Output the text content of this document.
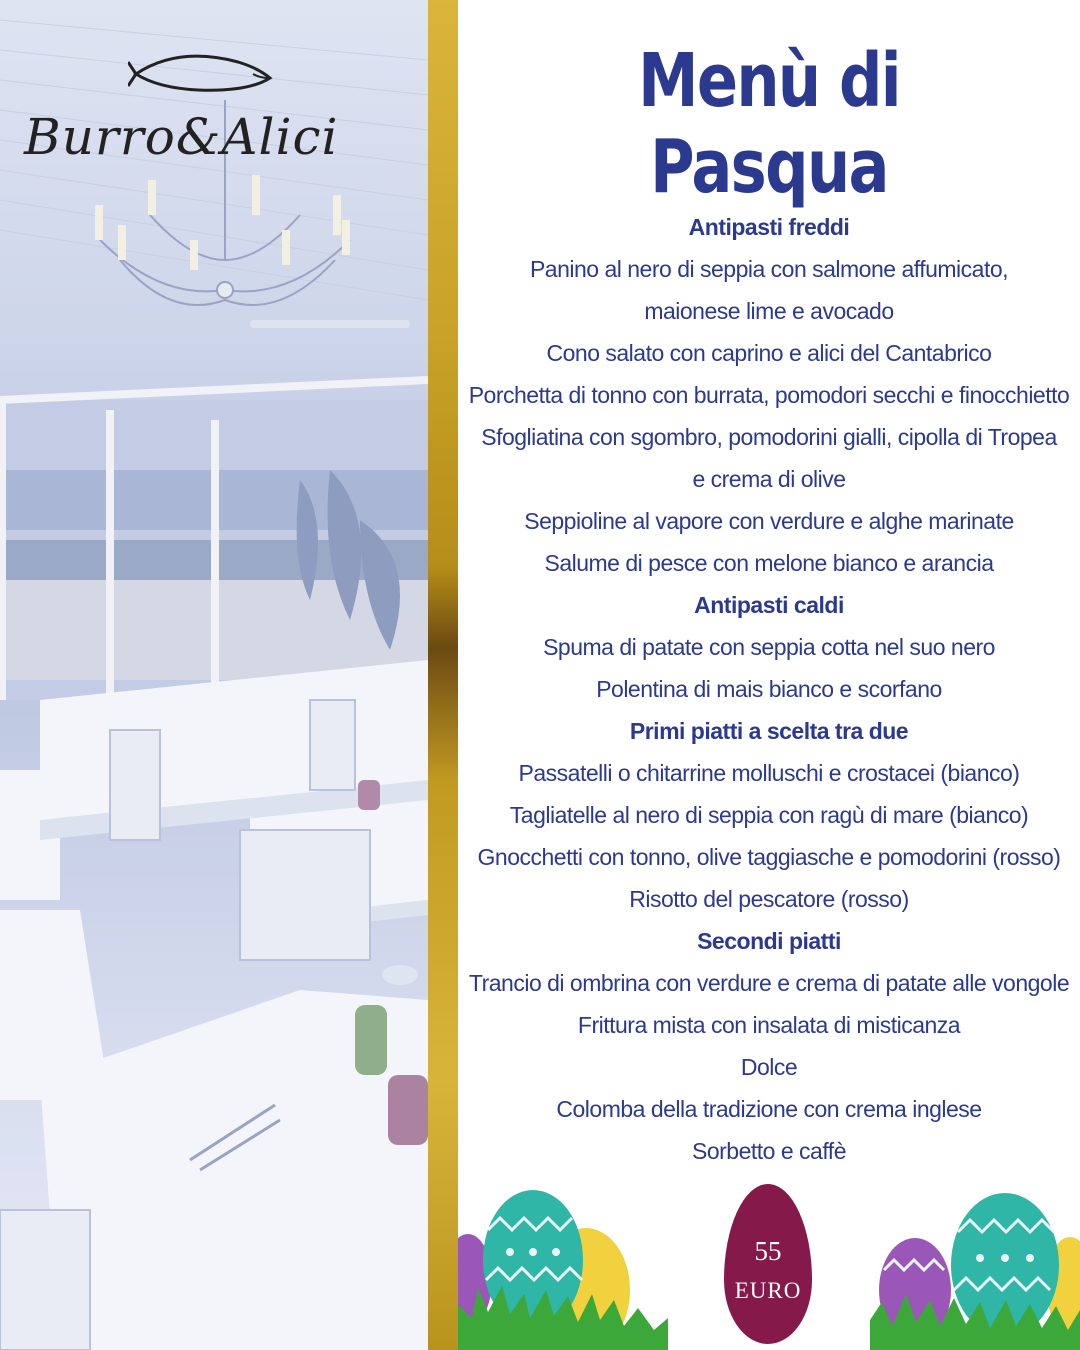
Burro&Alici
Menù di Pasqua
Antipasti freddi
Panino al nero di seppia con salmone affumicato,
maionese lime e avocado
Cono salato con caprino e alici del Cantabrico
Porchetta di tonno con burrata, pomodori secchi e finocchietto
Sfogliatina con sgombro, pomodorini gialli, cipolla di Tropea
e crema di olive
Seppioline al vapore con verdure e alghe marinate
Salume di pesce con melone bianco e arancia
Antipasti caldi
Spuma di patate con seppia cotta nel suo nero
Polentina di mais bianco e scorfano
Primi piatti a scelta tra due
Passatelli o chitarrine molluschi e crostacei (bianco)
Tagliatelle al nero di seppia con ragù di mare (bianco)
Gnocchetti con tonno, olive taggiasche e pomodorini (rosso)
Risotto del pescatore (rosso)
Secondi piatti
Trancio di ombrina con verdure e crema di patate alle vongole
Frittura mista con insalata di misticanza
Dolce
Colomba della tradizione con crema inglese
Sorbetto e caffè
55
EURO
